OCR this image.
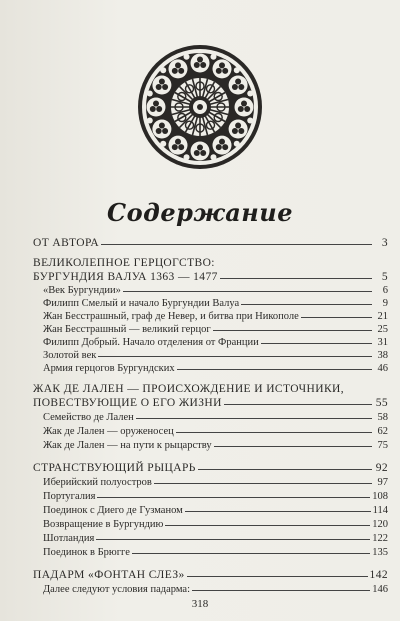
Содержание
ОТ АВТОРА	3
ВЕЛИКОЛЕПНОЕ ГЕРЦОГСТВО:
БУРГУНДИЯ ВАЛУА 1363 — 1477	5
«Век Бургундии»	6
Филипп Смелый и начало Бургундии Валуа	9
Жан Бесстрашный, граф де Невер, и битва при Никополе	21
Жан Бесстрашный — великий герцог	25
Филипп Добрый. Начало отделения от Франции	31
Золотой век	38
Армия герцогов Бургундских	46
ЖАК ДЕ ЛАЛЕН — ПРОИСХОЖДЕНИЕ И ИСТОЧНИКИ,
ПОВЕСТВУЮЩИЕ О ЕГО ЖИЗНИ	55
Семейство де Лален	58
Жак де Лален — оруженосец	62
Жак де Лален — на пути к рыцарству	75
СТРАНСТВУЮЩИЙ РЫЦАРЬ	92
Иберийский полуостров	97
Португалия	108
Поединок с Диего де Гузманом	114
Возвращение в Бургундию	120
Шотландия	122
Поединок в Брюгге	135
ПАДАРМ «ФОНТАН СЛЕЗ»	142
Далее следуют условия падарма:	146
318
